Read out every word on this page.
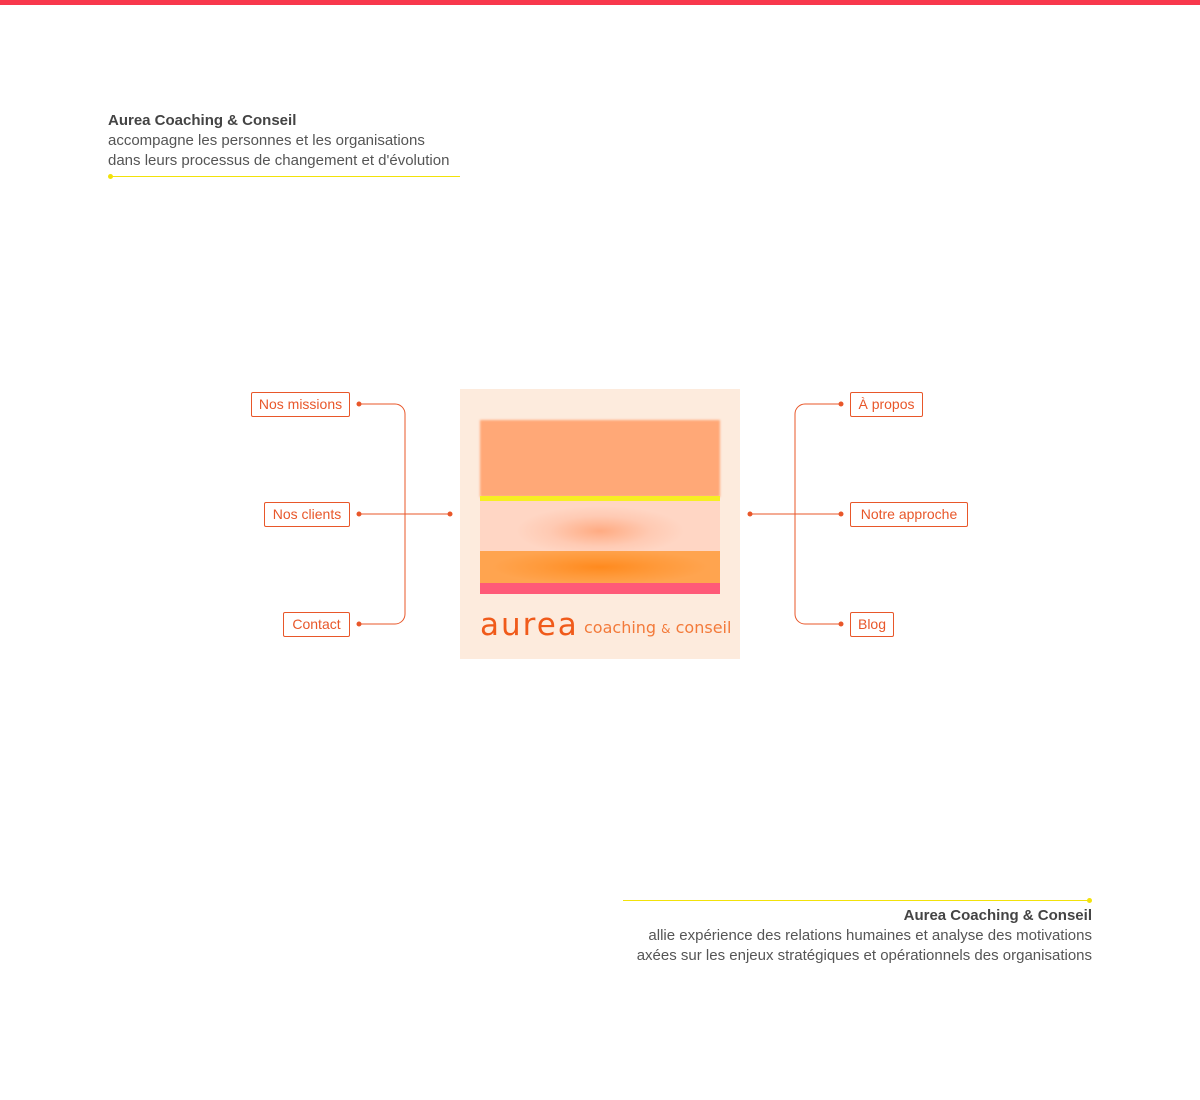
Aurea Coaching & Conseil
accompagne les personnes et les organisations
dans leurs processus de changement et d'évolution
Nos missions
Nos clients
Contact
À propos
Notre approche
Blog
aurea coaching & conseil
Aurea Coaching & Conseil
allie expérience des relations humaines et analyse des motivations
axées sur les enjeux stratégiques et opérationnels des organisations
